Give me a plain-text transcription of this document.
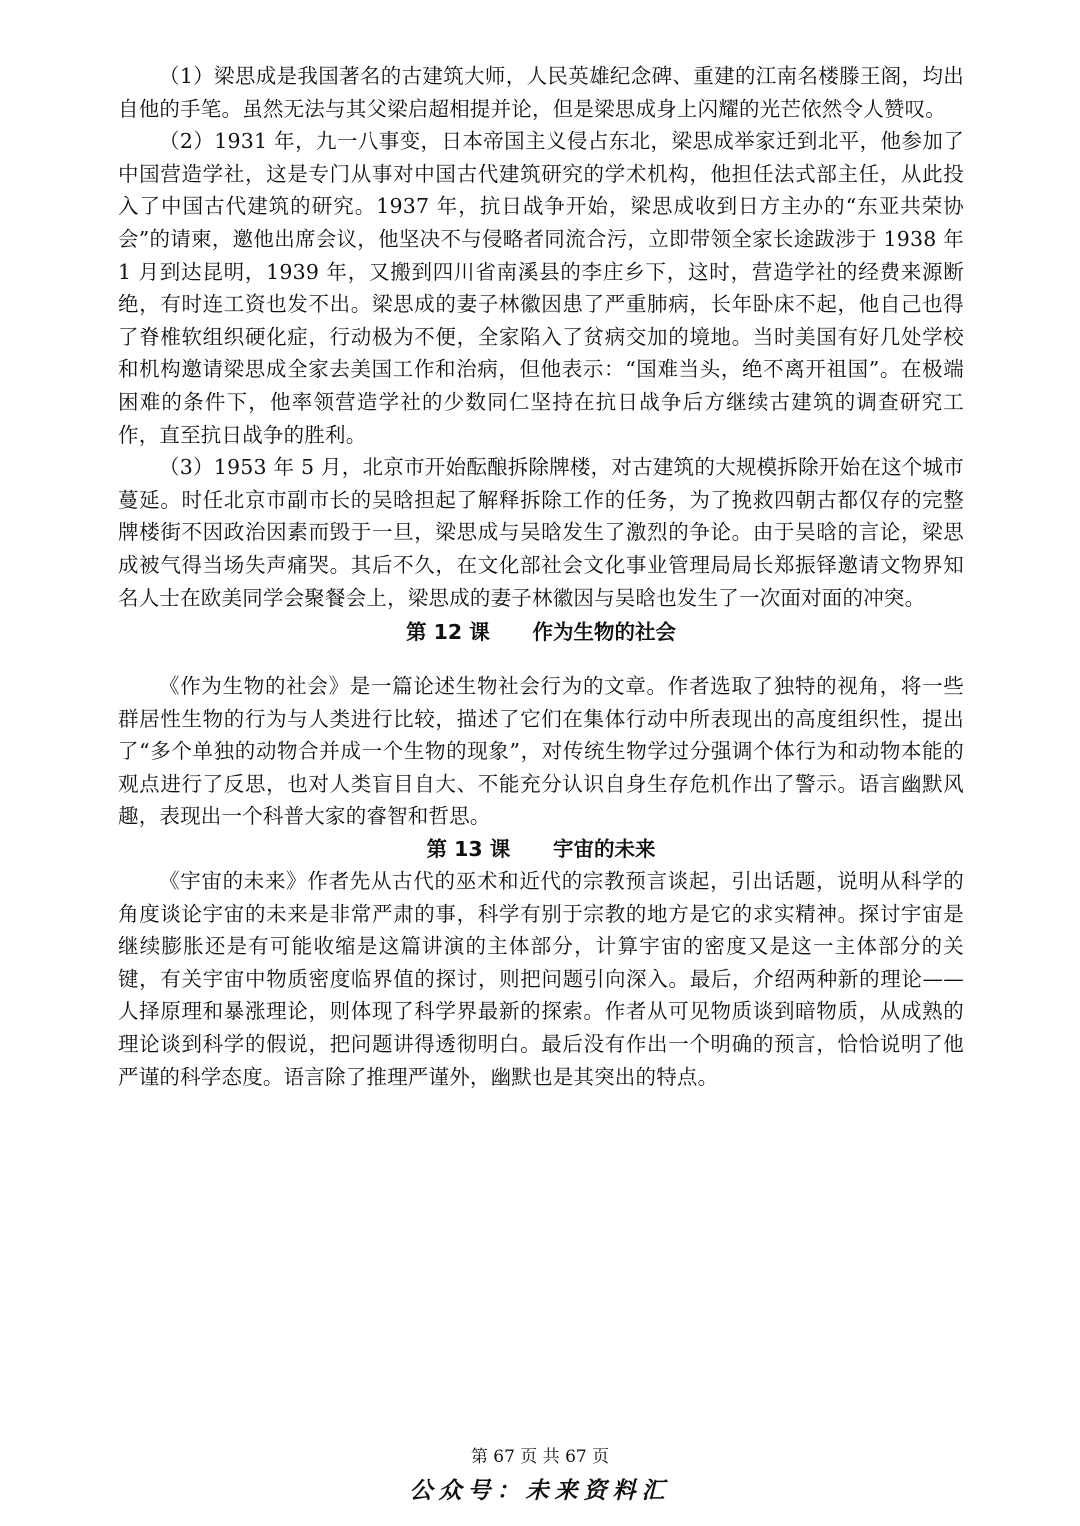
（1）梁思成是我国著名的古建筑大师，人民英雄纪念碑、重建的江南名楼滕王阁，均出自他的手笔。虽然无法与其父梁启超相提并论，但是梁思成身上闪耀的光芒依然令人赞叹。

（2）1931 年，九一八事变，日本帝国主义侵占东北，梁思成举家迁到北平，他参加了中国营造学社，这是专门从事对中国古代建筑研究的学术机构，他担任法式部主任，从此投入了中国古代建筑的研究。1937 年，抗日战争开始，梁思成收到日方主办的“东亚共荣协会”的请柬，邀他出席会议，他坚决不与侵略者同流合污，立即带领全家长途跋涉于 1938 年 1 月到达昆明，1939 年，又搬到四川省南溪县的李庄乡下，这时，营造学社的经费来源断绝，有时连工资也发不出。梁思成的妻子林徽因患了严重肺病，长年卧床不起，他自己也得了脊椎软组织硬化症，行动极为不便，全家陷入了贫病交加的境地。当时美国有好几处学校和机构邀请梁思成全家去美国工作和治病，但他表示：“国难当头，绝不离开祖国”。在极端困难的条件下，他率领营造学社的少数同仁坚持在抗日战争后方继续古建筑的调查研究工作，直至抗日战争的胜利。

（3）1953 年 5 月，北京市开始酝酿拆除牌楼，对古建筑的大规模拆除开始在这个城市蔓延。时任北京市副市长的吴晗担起了解释拆除工作的任务，为了挽救四朝古都仅存的完整牌楼街不因政治因素而毁于一旦，梁思成与吴晗发生了激烈的争论。由于吴晗的言论，梁思成被气得当场失声痛哭。其后不久，在文化部社会文化事业管理局局长郑振铎邀请文物界知名人士在欧美同学会聚餐会上，梁思成的妻子林徽因与吴晗也发生了一次面对面的冲突。

第 12 课      作为生物的社会

《作为生物的社会》是一篇论述生物社会行为的文章。作者选取了独特的视角，将一些群居性生物的行为与人类进行比较，描述了它们在集体行动中所表现出的高度组织性，提出了“多个单独的动物合并成一个生物的现象”，对传统生物学过分强调个体行为和动物本能的观点进行了反思，也对人类盲目自大、不能充分认识自身生存危机作出了警示。语言幽默风趣，表现出一个科普大家的睿智和哲思。

第 13 课      宇宙的未来

《宇宙的未来》作者先从古代的巫术和近代的宗教预言谈起，引出话题，说明从科学的角度谈论宇宙的未来是非常严肃的事，科学有别于宗教的地方是它的求实精神。探讨宇宙是继续膨胀还是有可能收缩是这篇讲演的主体部分，计算宇宙的密度又是这一主体部分的关键，有关宇宙中物质密度临界值的探讨，则把问题引向深入。最后，介绍两种新的理论——人择原理和暴涨理论，则体现了科学界最新的探索。作者从可见物质谈到暗物质，从成熟的理论谈到科学的假说，把问题讲得透彻明白。最后没有作出一个明确的预言，恰恰说明了他严谨的科学态度。语言除了推理严谨外，幽默也是其突出的特点。

第 67 页 共 67 页
公众号：未来资料汇
